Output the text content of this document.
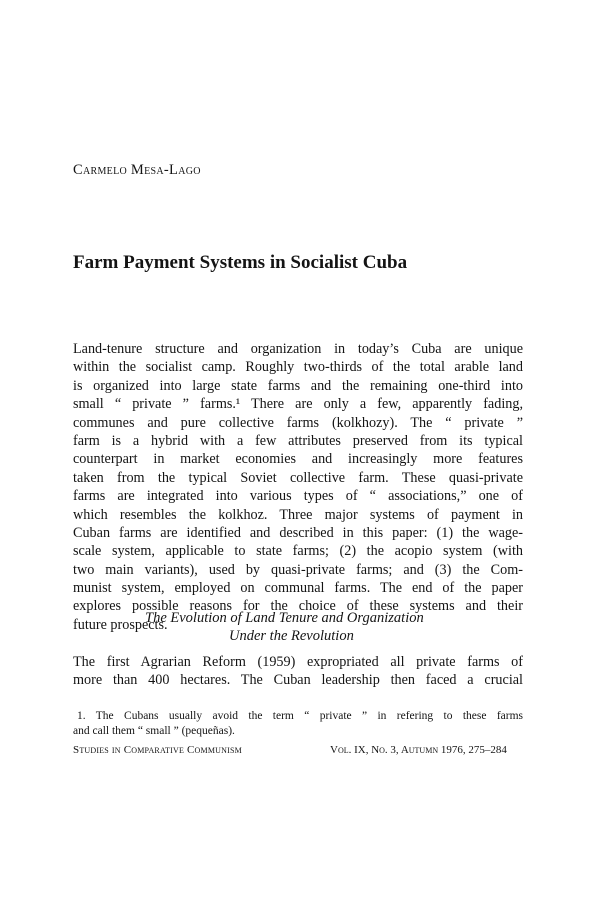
Carmelo Mesa-Lago

Farm Payment Systems in Socialist Cuba
Land-tenure structure and organization in today’s Cuba are unique
within the socialist camp. Roughly two-thirds of the total arable land
is organized into large state farms and the remaining one-third into
small “ private ” farms.¹ There are only a few, apparently fading,
communes and pure collective farms (kolkhozy). The “ private ”
farm is a hybrid with a few attributes preserved from its typical
counterpart in market economies and increasingly more features
taken from the typical Soviet collective farm. These quasi-private
farms are integrated into various types of “ associations,” one of
which resembles the kolkhoz. Three major systems of payment in
Cuban farms are identified and described in this paper: (1) the wage-
scale system, applicable to state farms; (2) the acopio system (with
two main variants), used by quasi-private farms; and (3) the Com-
munist system, employed on communal farms. The end of the paper
explores possible reasons for the choice of these systems and their
future prospects.
The Evolution of Land Tenure and Organization
Under the Revolution
The first Agrarian Reform (1959) expropriated all private farms of
more than 400 hectares. The Cuban leadership then faced a crucial
1. The Cubans usually avoid the term “ private ” in refering to these farms
and call them “ small ” (pequeñas).

Studies in Comparative Communism	Vol. IX, No. 3, Autumn 1976, 275–284
